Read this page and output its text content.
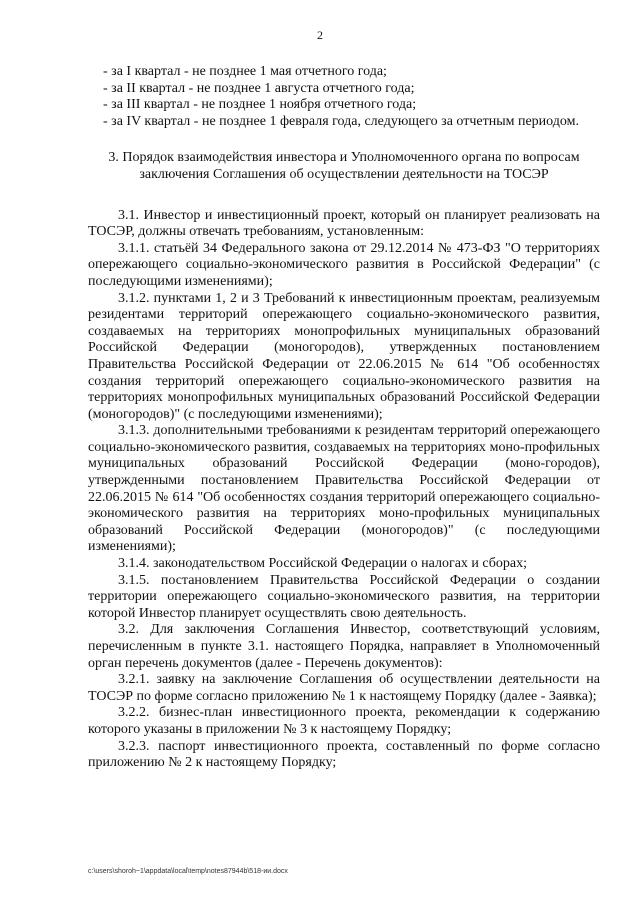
2

- за I квартал - не позднее 1 мая отчетного года;

- за II квартал - не позднее 1 августа отчетного года;

- за III квартал - не позднее 1 ноября отчетного года;

- за IV квартал - не позднее 1 февраля года, следующего за отчетным периодом.

3. Порядок взаимодействия инвестора и Уполномоченного органа по вопросам заключения Соглашения об осуществлении деятельности на ТОСЭР

3.1. Инвестор и инвестиционный проект, который он планирует реализовать на ТОСЭР, должны отвечать требованиям, установленным:

3.1.1. статьёй 34 Федерального закона от 29.12.2014 № 473-ФЗ "О территориях опережающего социально-экономического развития в Российской Федерации" (с последующими изменениями);

3.1.2. пунктами 1, 2 и 3 Требований к инвестиционным проектам, реализуемым резидентами территорий опережающего социально-экономического развития, создаваемых на территориях монопрофильных муниципальных образований Российской Федерации (моногородов), утвержденных постановлением Правительства Российской Федерации от 22.06.2015 № 614 "Об особенностях создания территорий опережающего социально-экономического развития на территориях монопрофильных муниципальных образований Российской Федерации (моногородов)" (с последующими изменениями);

3.1.3. дополнительными требованиями к резидентам территорий опережающего социально-экономического развития, создаваемых на территориях моно-профильных муниципальных образований Российской Федерации (моно-городов), утвержденными постановлением Правительства Российской Федерации от 22.06.2015 № 614 "Об особенностях создания территорий опережающего социально-экономического развития на территориях моно-профильных муниципальных образований Российской Федерации (моногородов)" (с последующими изменениями);

3.1.4. законодательством Российской Федерации о налогах и сборах;

3.1.5. постановлением Правительства Российской Федерации о создании территории опережающего социально-экономического развития, на территории которой Инвестор планирует осуществлять свою деятельность.

3.2. Для заключения Соглашения Инвестор, соответствующий условиям, перечисленным в пункте 3.1. настоящего Порядка, направляет в Уполномоченный орган перечень документов (далее - Перечень документов):

3.2.1. заявку на заключение Соглашения об осуществлении деятельности на ТОСЭР по форме согласно приложению № 1 к настоящему Порядку (далее - Заявка);

3.2.2. бизнес-план инвестиционного проекта, рекомендации к содержанию которого указаны в приложении № 3 к настоящему Порядку;

3.2.3. паспорт инвестиционного проекта, составленный по форме согласно приложению № 2 к настоящему Порядку;

c:\users\shoroh~1\appdata\local\temp\notes87944b\518-ии.docx
